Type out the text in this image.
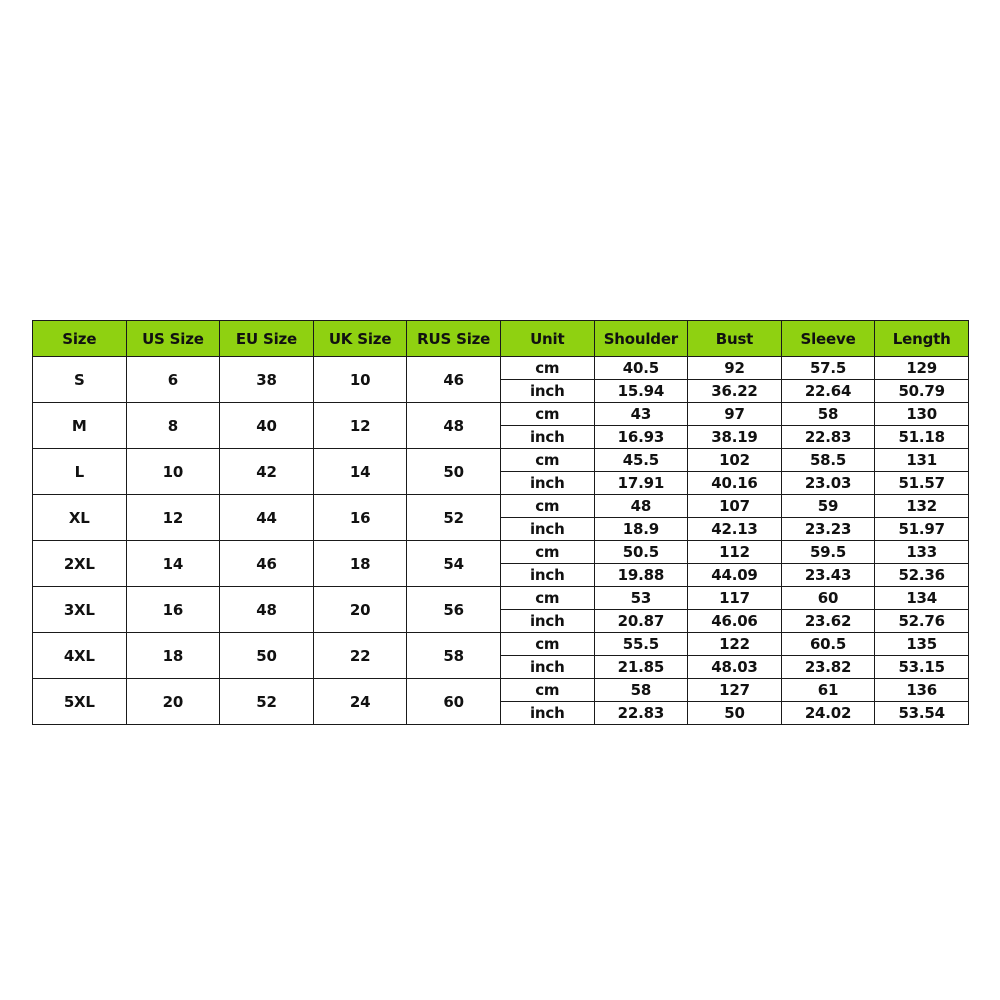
Size	US Size	EU Size	UK Size	RUS Size	Unit	Shoulder	Bust	Sleeve	Length
S	6	38	10	46	cm	40.5	92	57.5	129
					inch	15.94	36.22	22.64	50.79
M	8	40	12	48	cm	43	97	58	130
					inch	16.93	38.19	22.83	51.18
L	10	42	14	50	cm	45.5	102	58.5	131
					inch	17.91	40.16	23.03	51.57
XL	12	44	16	52	cm	48	107	59	132
					inch	18.9	42.13	23.23	51.97
2XL	14	46	18	54	cm	50.5	112	59.5	133
					inch	19.88	44.09	23.43	52.36
3XL	16	48	20	56	cm	53	117	60	134
					inch	20.87	46.06	23.62	52.76
4XL	18	50	22	58	cm	55.5	122	60.5	135
					inch	21.85	48.03	23.82	53.15
5XL	20	52	24	60	cm	58	127	61	136
					inch	22.83	50	24.02	53.54
